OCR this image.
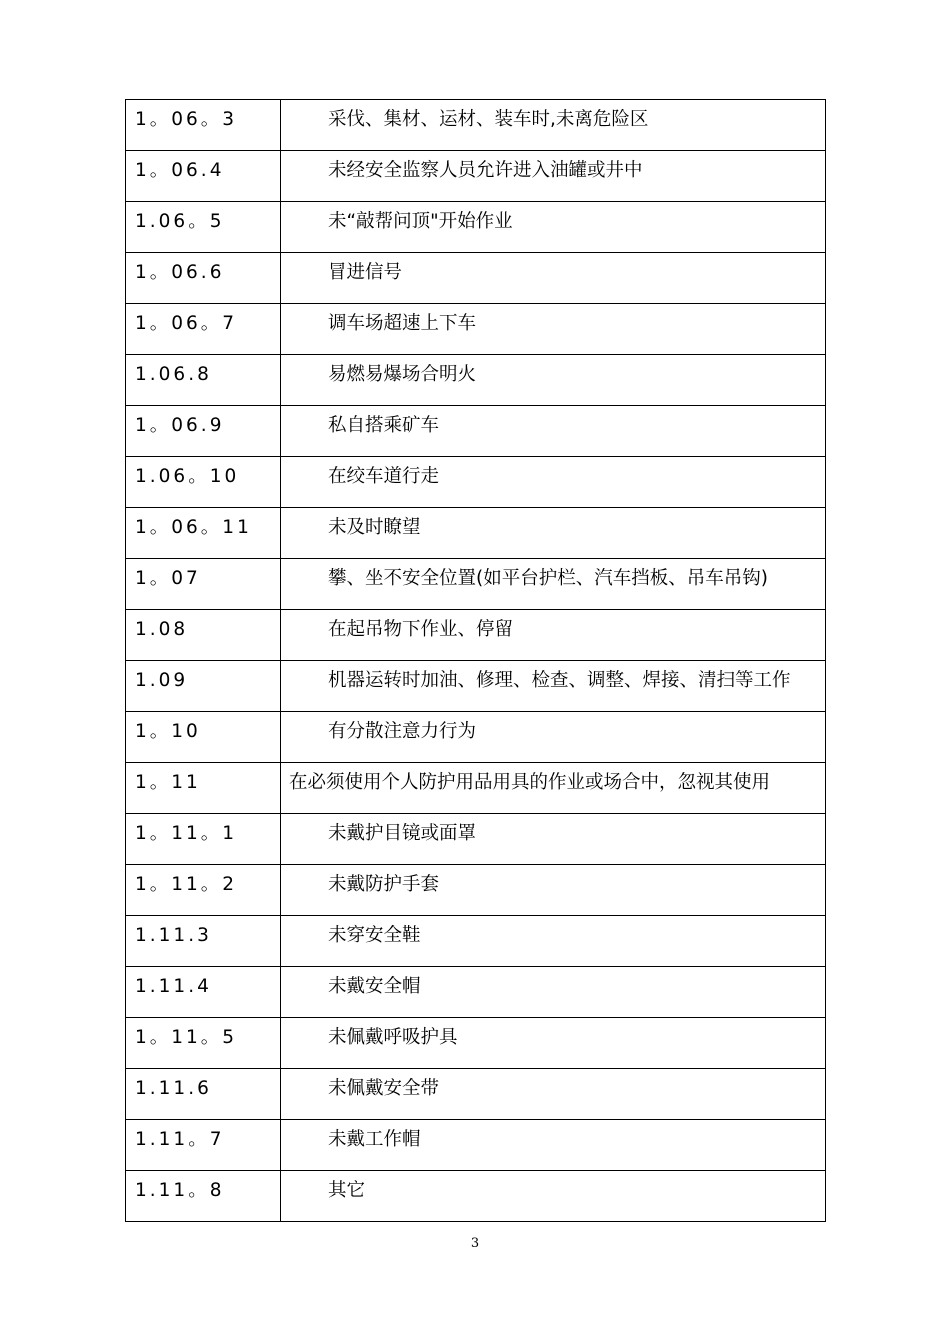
1。06。3	采伐、集材、运材、装车时,未离危险区

1。06.4	未经安全监察人员允许进入油罐或井中

1.06。5	未“敲帮问顶"开始作业

1。06.6	冒进信号

1。06。7	调车场超速上下车

1.06.8	易燃易爆场合明火

1。06.9	私自搭乘矿车

1.06。10	在绞车道行走

1。06。11	未及时瞭望

1。07	攀、坐不安全位置(如平台护栏、汽车挡板、吊车吊钩)

1.08	在起吊物下作业、停留

1.09	机器运转时加油、修理、检查、调整、焊接、清扫等工作

1。10	有分散注意力行为

1。11	在必须使用个人防护用品用具的作业或场合中，忽视其使用

1。11。1	未戴护目镜或面罩

1。11。2	未戴防护手套

1.11.3	未穿安全鞋

1.11.4	未戴安全帽

1。11。5	未佩戴呼吸护具

1.11.6	未佩戴安全带

1.11。7	未戴工作帽

1.11。8	其它
3
